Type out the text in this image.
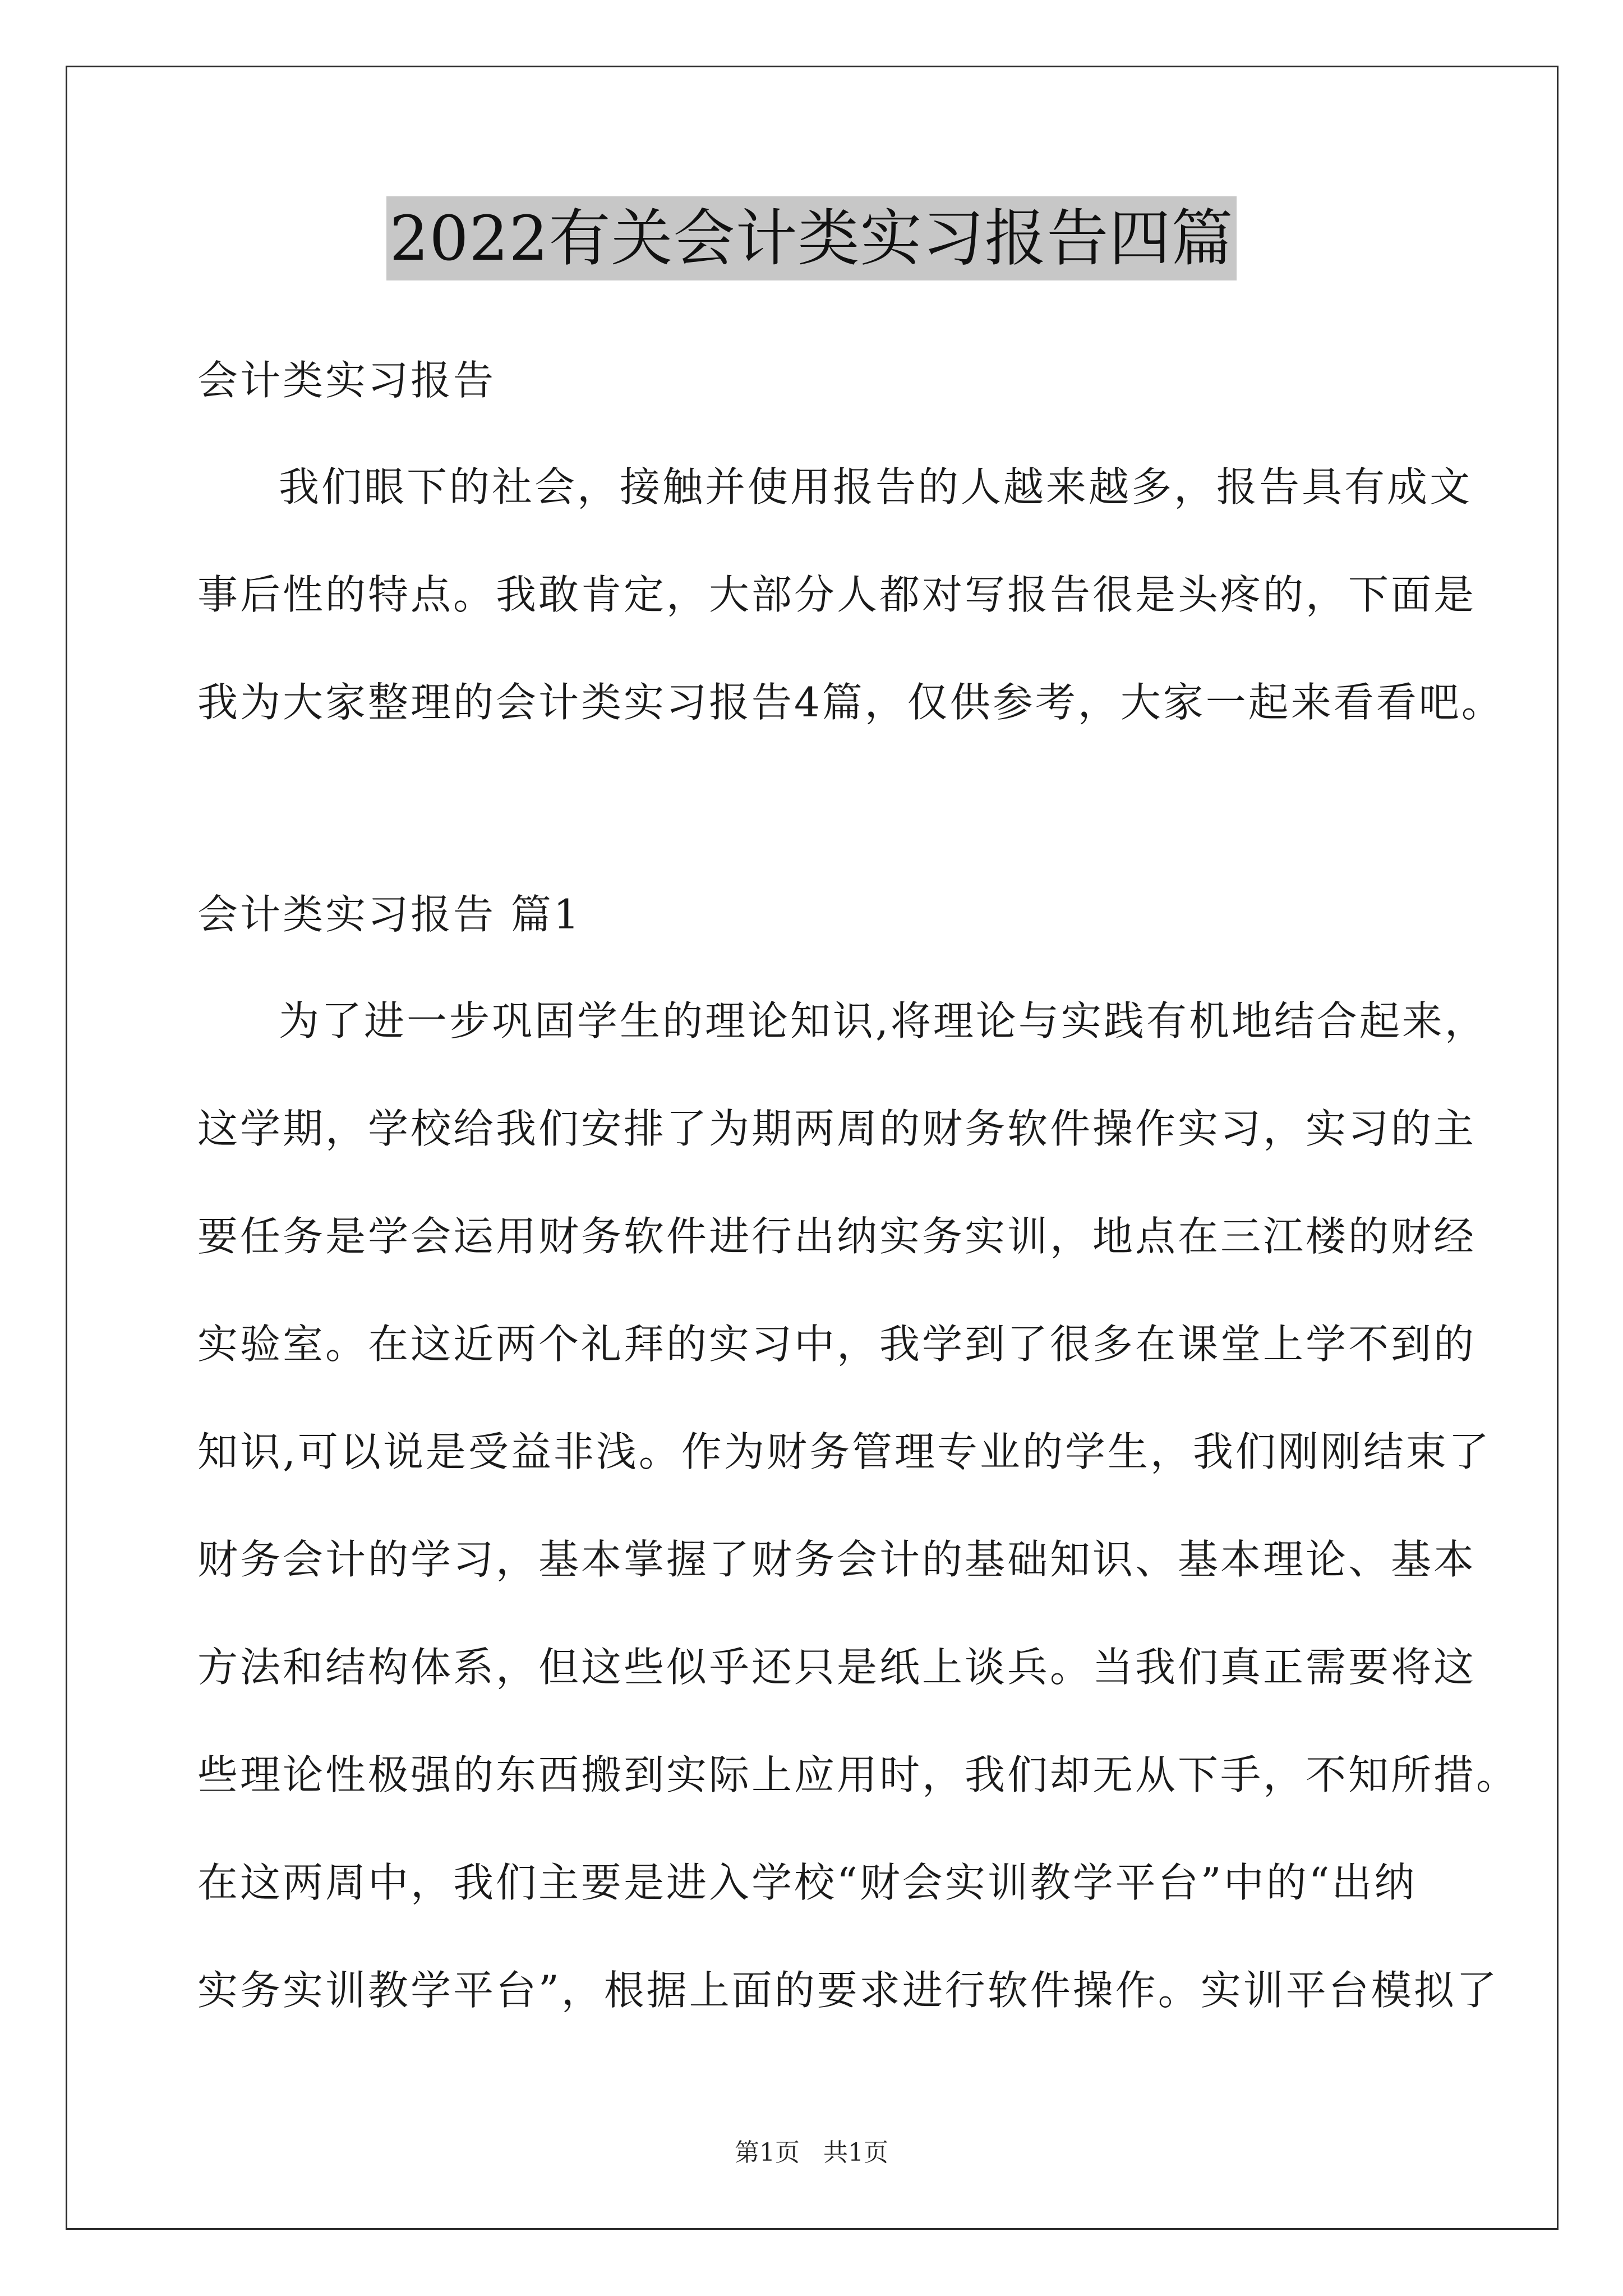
2022有关会计类实习报告四篇
会计类实习报告
我们眼下的社会，接触并使用报告的人越来越多，报告具有成文
事后性的特点。我敢肯定，大部分人都对写报告很是头疼的，下面是
我为大家整理的会计类实习报告4篇，仅供参考，大家一起来看看吧。
会计类实习报告 篇1
为了进一步巩固学生的理论知识,将理论与实践有机地结合起来，
这学期，学校给我们安排了为期两周的财务软件操作实习，实习的主
要任务是学会运用财务软件进行出纳实务实训，地点在三江楼的财经
实验室。在这近两个礼拜的实习中，我学到了很多在课堂上学不到的
知识,可以说是受益非浅。作为财务管理专业的学生，我们刚刚结束了
财务会计的学习，基本掌握了财务会计的基础知识、基本理论、基本
方法和结构体系，但这些似乎还只是纸上谈兵。当我们真正需要将这
些理论性极强的东西搬到实际上应用时，我们却无从下手，不知所措。
在这两周中，我们主要是进入学校“财会实训教学平台”中的“出纳
实务实训教学平台”，根据上面的要求进行软件操作。实训平台模拟了
第1页 共1页
